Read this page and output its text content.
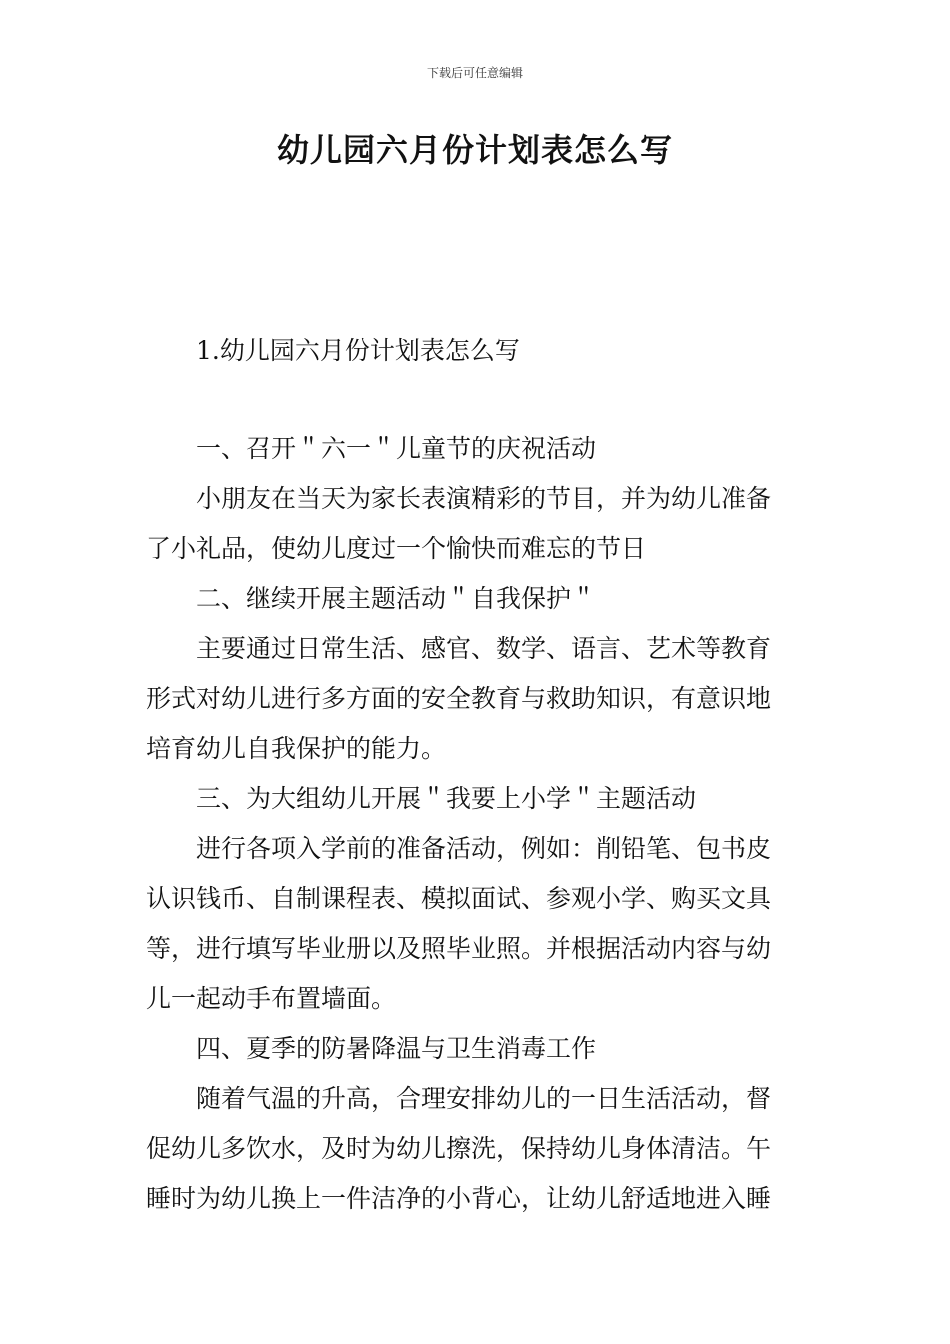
下载后可任意编辑
幼儿园六月份计划表怎么写
1.幼儿园六月份计划表怎么写

一、召开＂六一＂儿童节的庆祝活动

小朋友在当天为家长表演精彩的节目，并为幼儿准备
了小礼品，使幼儿度过一个愉快而难忘的节日

二、继续开展主题活动＂自我保护＂

主要通过日常生活、感官、数学、语言、艺术等教育
形式对幼儿进行多方面的安全教育与救助知识，有意识地
培育幼儿自我保护的能力。

三、为大组幼儿开展＂我要上小学＂主题活动

进行各项入学前的准备活动，例如：削铅笔、包书皮
认识钱币、自制课程表、模拟面试、参观小学、购买文具
等，进行填写毕业册以及照毕业照。并根据活动内容与幼
儿一起动手布置墙面。

四、夏季的防暑降温与卫生消毒工作

随着气温的升高，合理安排幼儿的一日生活活动，督
促幼儿多饮水，及时为幼儿擦洗，保持幼儿身体清洁。午
睡时为幼儿换上一件洁净的小背心，让幼儿舒适地进入睡
